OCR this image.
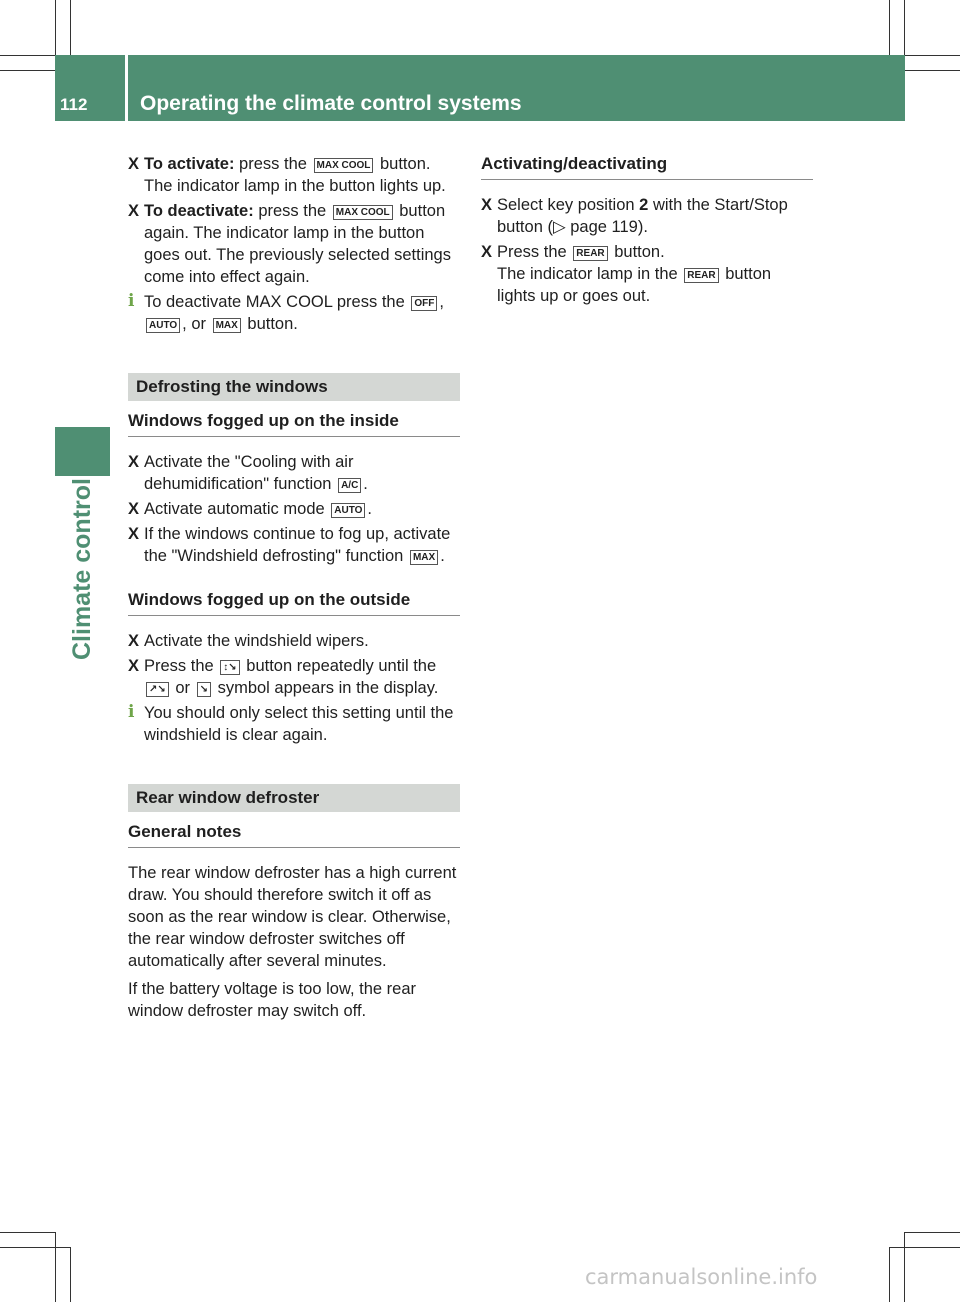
112	Operating the climate control systems
Climate control
X To activate: press the MAX COOL button. The indicator lamp in the button lights up.
X To deactivate: press the MAX COOL button again. The indicator lamp in the button goes out. The previously selected settings come into effect again.
i To deactivate MAX COOL press the OFF , AUTO , or MAX button.
Defrosting the windows
Windows fogged up on the inside
X Activate the "Cooling with air dehumidification" function A/C .
X Activate automatic mode AUTO .
X If the windows continue to fog up, activate the "Windshield defrosting" function MAX .
Windows fogged up on the outside
X Activate the windshield wipers.
X Press the ↕↘ button repeatedly until the ↗↘ or ↘ symbol appears in the display.
i You should only select this setting until the windshield is clear again.
Rear window defroster
General notes

The rear window defroster has a high current draw. You should therefore switch it off as soon as the rear window is clear. Otherwise, the rear window defroster switches off automatically after several minutes.

If the battery voltage is too low, the rear window defroster may switch off.

Activating/deactivating
X Select key position 2 with the Start/Stop button (▷ page 119).
X Press the REAR button.
The indicator lamp in the REAR button lights up or goes out.
carmanualsonline.info
